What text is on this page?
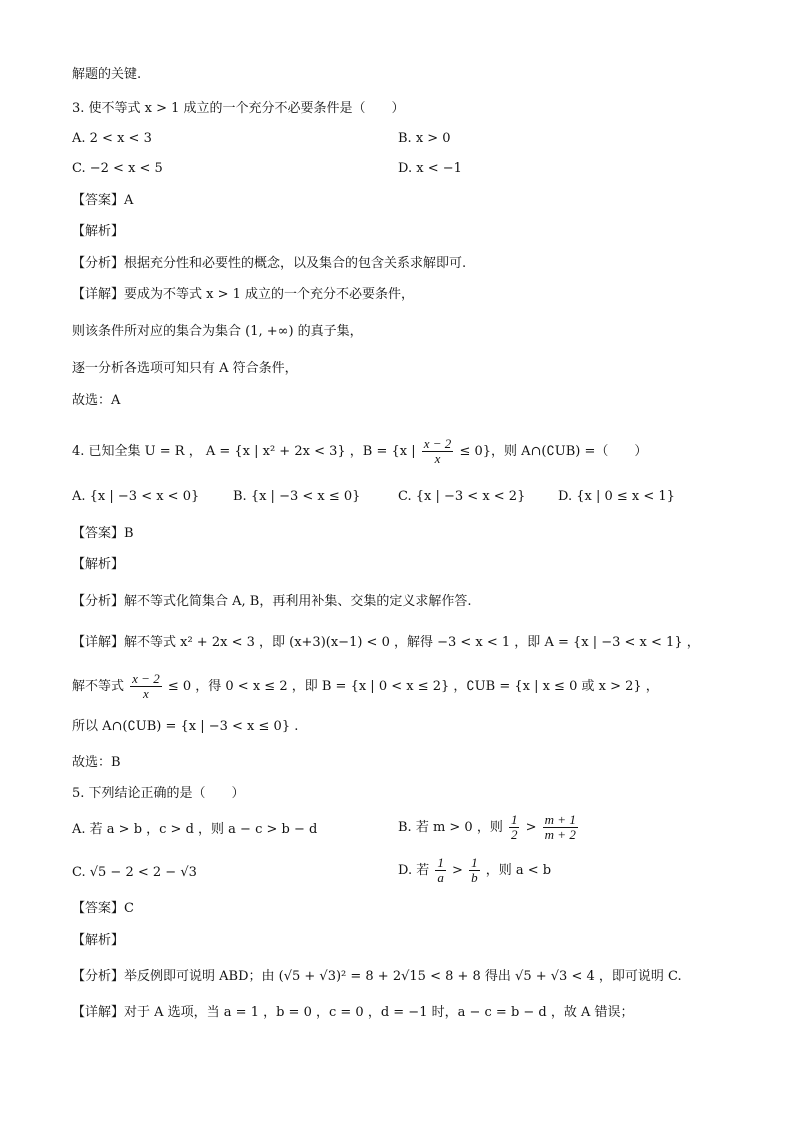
解题的关键.
3. 使不等式 x > 1 成立的一个充分不必要条件是（　　）
A. 2 < x < 3	B. x > 0
C. −2 < x < 5	D. x < −1
【答案】A
【解析】
【分析】根据充分性和必要性的概念，以及集合的包含关系求解即可.
【详解】要成为不等式 x > 1 成立的一个充分不必要条件，
则该条件所对应的集合为集合 (1, +∞) 的真子集，
逐一分析各选项可知只有 A 符合条件，
故选：A
4. 已知全集 U = R ， A = {x | x² + 2x < 3} ，B = {x | $\frac{x - 2}{x} \le 0$}，则 A∩(∁UB) =（　　）
A. {x | −3 < x < 0}	B. {x | −3 < x ≤ 0}	C. {x | −3 < x < 2}	D. {x | 0 ≤ x < 1}
【答案】B
【解析】
【分析】解不等式化简集合 A, B，再利用补集、交集的定义求解作答.
【详解】解不等式 x² + 2x < 3 ，即 (x+3)(x−1) < 0 ，解得 −3 < x < 1 ，即 A = {x | −3 < x < 1} ，
解不等式 $\frac{x - 2}{x} \le 0$ ，得 0 < x ≤ 2 ，即 B = {x | 0 < x ≤ 2} ，∁UB = {x | x ≤ 0 或 x > 2} ，
所以 A∩(∁UB) = {x | −3 < x ≤ 0} .
故选：B
5. 下列结论正确的是（　　）
A. 若 a > b ，c > d ，则 a − c > b − d	B. 若 m > 0 ，则 $\frac{1}{2} > \frac{m + 1}{m + 2}$
C. √5 − 2 < 2 − √3	D. 若 $\frac{1}{a} > \frac{1}{b}$ ，则 a < b
【答案】C
【解析】
【分析】举反例即可说明 ABD；由 (√5 + √3)² = 8 + 2√15 < 8 + 8 得出 √5 + √3 < 4 ，即可说明 C.
【详解】对于 A 选项，当 a = 1 ，b = 0 ，c = 0 ，d = −1 时，a − c = b − d ，故 A 错误；
